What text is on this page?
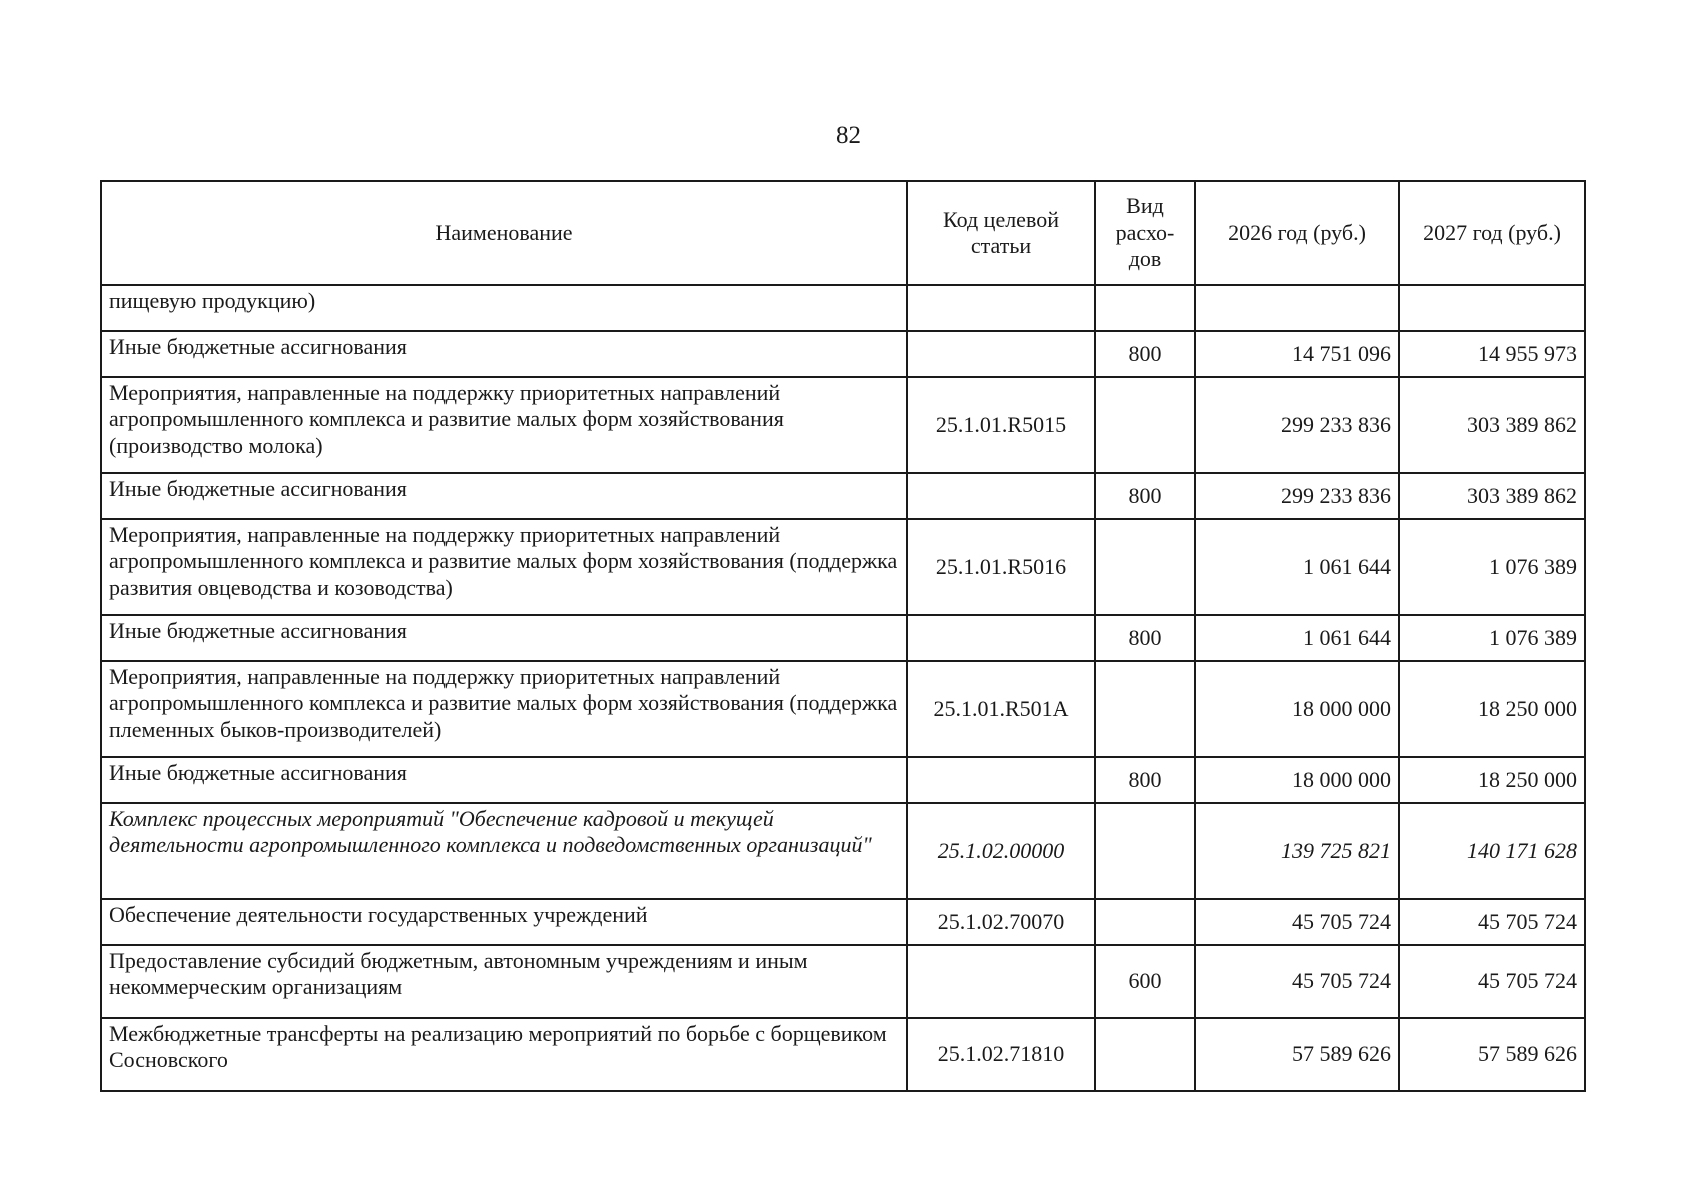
82
Наименование	Код целевой статьи	Вид расхо-дов	2026 год (руб.)	2027 год (руб.)
пищевую продукцию)				
Иные бюджетные ассигнования		800	14 751 096	14 955 973
Мероприятия, направленные на поддержку приоритетных направлений агропромышленного комплекса и развитие малых форм хозяйствования (производство молока)	25.1.01.R5015		299 233 836	303 389 862
Иные бюджетные ассигнования		800	299 233 836	303 389 862
Мероприятия, направленные на поддержку приоритетных направлений агропромышленного комплекса и развитие малых форм хозяйствования (поддержка развития овцеводства и козоводства)	25.1.01.R5016		1 061 644	1 076 389
Иные бюджетные ассигнования		800	1 061 644	1 076 389
Мероприятия, направленные на поддержку приоритетных направлений агропромышленного комплекса и развитие малых форм хозяйствования (поддержка племенных быков-производителей)	25.1.01.R501A		18 000 000	18 250 000
Иные бюджетные ассигнования		800	18 000 000	18 250 000
Комплекс процессных мероприятий "Обеспечение кадровой и текущей деятельности агропромышленного комплекса и подведомственных организаций"	25.1.02.00000		139 725 821	140 171 628
Обеспечение деятельности государственных учреждений	25.1.02.70070		45 705 724	45 705 724
Предоставление субсидий бюджетным, автономным учреждениям и иным некоммерческим организациям		600	45 705 724	45 705 724
Межбюджетные трансферты на реализацию мероприятий по борьбе с борщевиком Сосновского	25.1.02.71810		57 589 626	57 589 626
